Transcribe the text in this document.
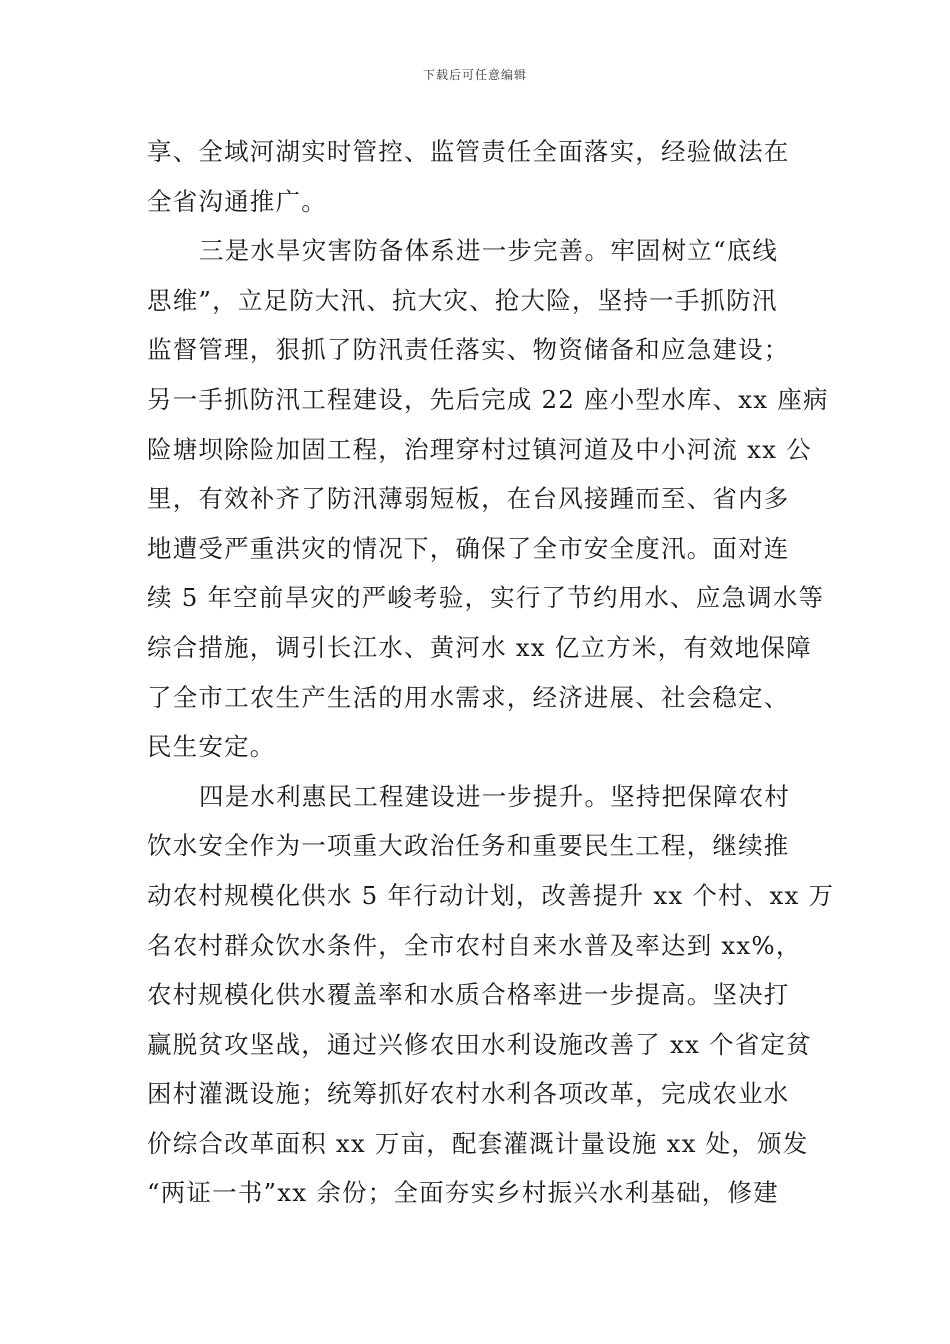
下载后可任意编辑
享、全域河湖实时管控、监管责任全面落实，经验做法在
全省沟通推广。
三是水旱灾害防备体系进一步完善。牢固树立“底线
思维”，立足防大汛、抗大灾、抢大险，坚持一手抓防汛
监督管理，狠抓了防汛责任落实、物资储备和应急建设；
另一手抓防汛工程建设，先后完成 22 座小型水库、xx 座病
险塘坝除险加固工程，治理穿村过镇河道及中小河流 xx 公
里，有效补齐了防汛薄弱短板，在台风接踵而至、省内多
地遭受严重洪灾的情况下，确保了全市安全度汛。面对连
续 5 年空前旱灾的严峻考验，实行了节约用水、应急调水等
综合措施，调引长江水、黄河水 xx 亿立方米，有效地保障
了全市工农生产生活的用水需求，经济进展、社会稳定、
民生安定。
四是水利惠民工程建设进一步提升。坚持把保障农村
饮水安全作为一项重大政治任务和重要民生工程，继续推
动农村规模化供水 5 年行动计划，改善提升 xx 个村、xx 万
名农村群众饮水条件，全市农村自来水普及率达到 xx%，
农村规模化供水覆盖率和水质合格率进一步提高。坚决打
赢脱贫攻坚战，通过兴修农田水利设施改善了 xx 个省定贫
困村灌溉设施；统筹抓好农村水利各项改革，完成农业水
价综合改革面积 xx 万亩，配套灌溉计量设施 xx 处，颁发
“两证一书”xx 余份；全面夯实乡村振兴水利基础，修建
